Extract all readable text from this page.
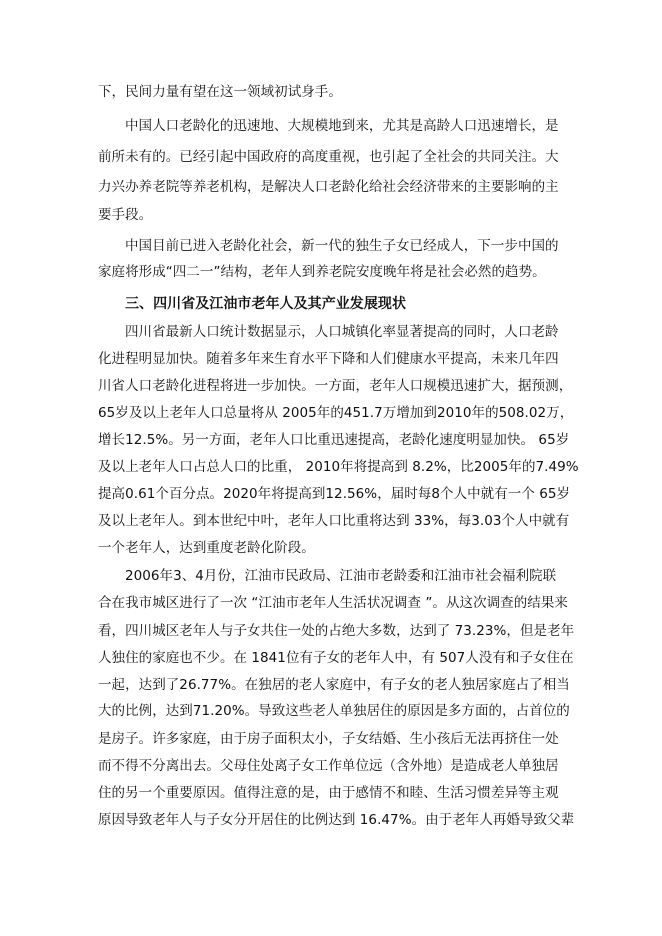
下，民间力量有望在这一领域初试身手。
中国人口老龄化的迅速地、大规模地到来，尤其是高龄人口迅速增长，是
前所未有的。已经引起中国政府的高度重视，也引起了全社会的共同关注。大
力兴办养老院等养老机构，是解决人口老龄化给社会经济带来的主要影响的主
要手段。
中国目前已进入老龄化社会，新一代的独生子女已经成人，下一步中国的
家庭将形成“四二一”结构，老年人到养老院安度晚年将是社会必然的趋势。
三、四川省及江油市老年人及其产业发展现状
四川省最新人口统计数据显示，人口城镇化率显著提高的同时，人口老龄
化进程明显加快。随着多年来生育水平下降和人们健康水平提高，未来几年四
川省人口老龄化进程将进一步加快。一方面，老年人口规模迅速扩大，据预测，
65岁及以上老年人口总量将从 2005年的451.7万增加到2010年的508.02万，
增长12.5%。另一方面，老年人口比重迅速提高，老龄化速度明显加快。 65岁
及以上老年人口占总人口的比重， 2010年将提高到 8.2%，比2005年的7.49%
提高0.61个百分点。2020年将提高到12.56%，届时每8个人中就有一个 65岁
及以上老年人。到本世纪中叶，老年人口比重将达到 33%，每3.03个人中就有
一个老年人，达到重度老龄化阶段。
2006年3、4月份，江油市民政局、江油市老龄委和江油市社会福利院联
合在我市城区进行了一次 “江油市老年人生活状况调查 ”。从这次调查的结果来
看，四川城区老年人与子女共住一处的占绝大多数，达到了 73.23%，但是老年
人独住的家庭也不少。在 1841位有子女的老年人中，有 507人没有和子女住在
一起，达到了26.77%。在独居的老人家庭中，有子女的老人独居家庭占了相当
大的比例，达到71.20%。导致这些老人单独居住的原因是多方面的，占首位的
是房子。许多家庭，由于房子面积太小，子女结婚、生小孩后无法再挤住一处
而不得不分离出去。父母住处离子女工作单位远（含外地）是造成老人单独居
住的另一个重要原因。值得注意的是，由于感情不和睦、生活习惯差异等主观
原因导致老年人与子女分开居住的比例达到 16.47%。由于老年人再婚导致父辈
